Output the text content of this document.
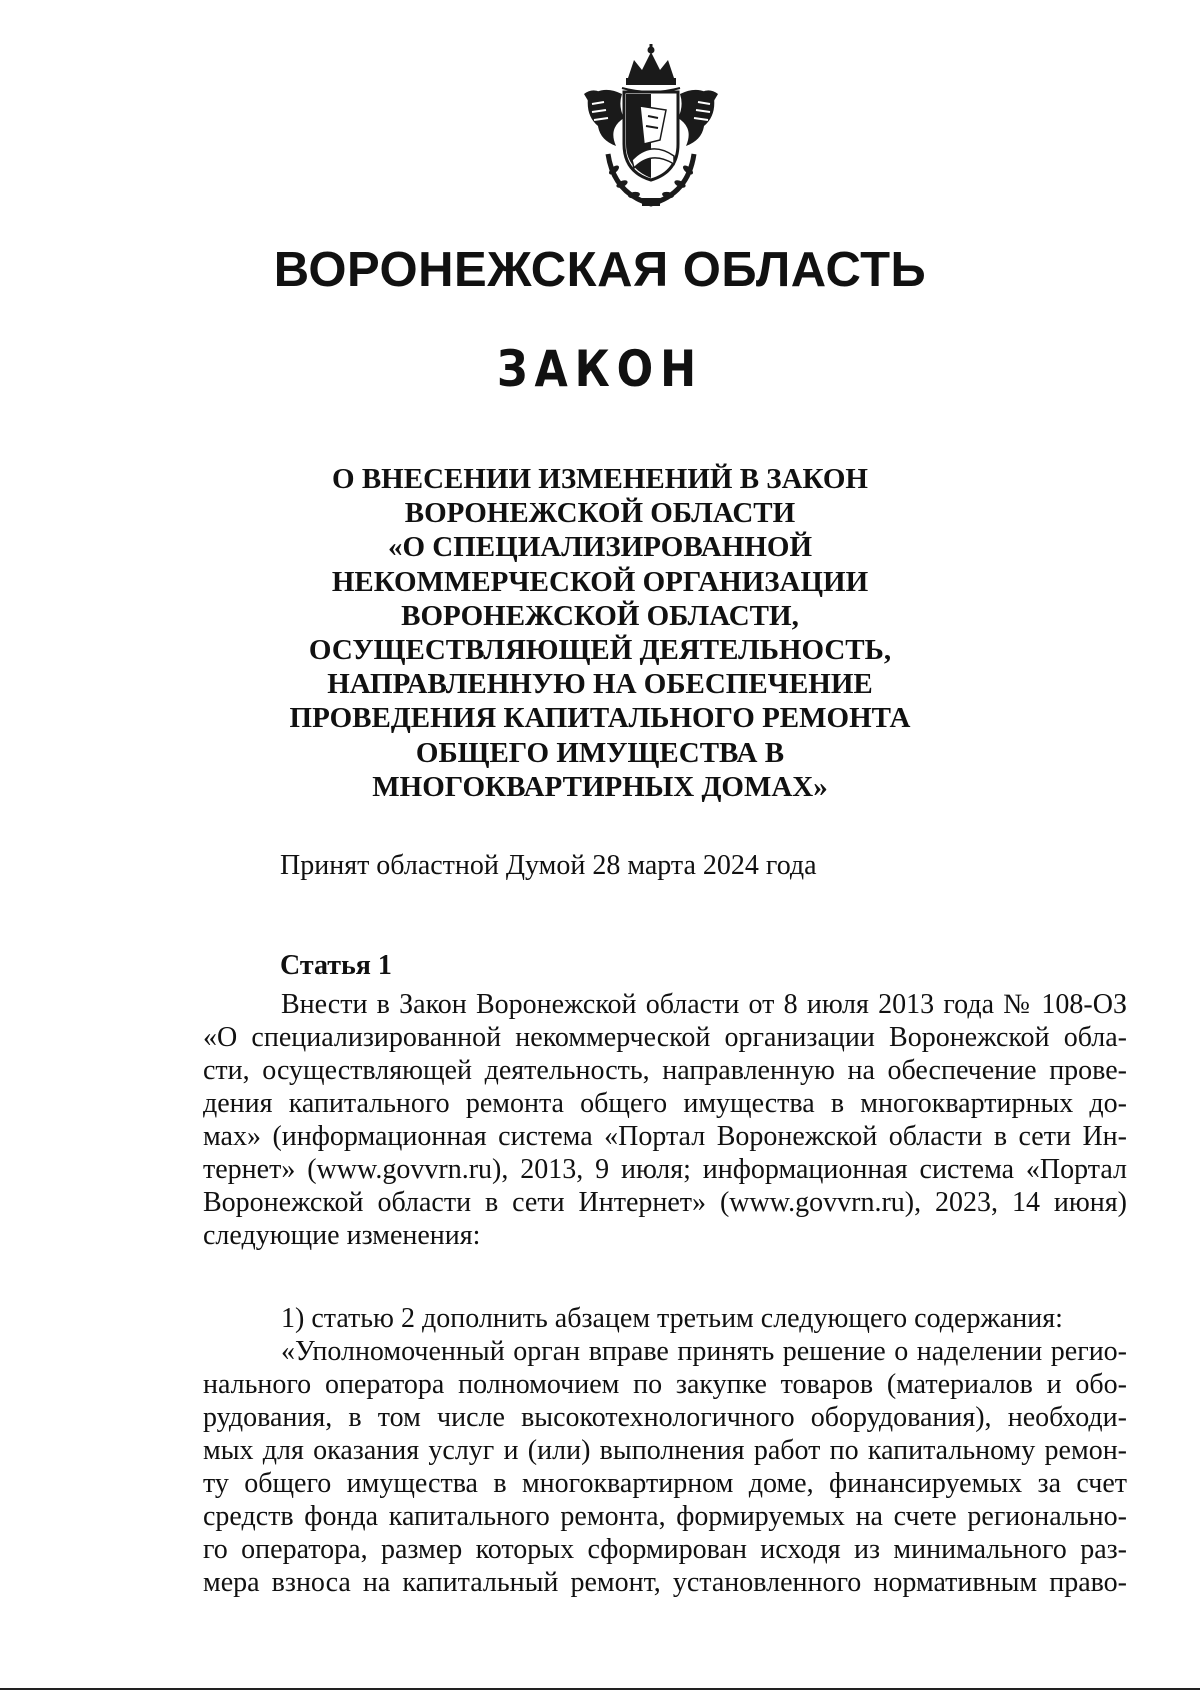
ВОРОНЕЖСКАЯ ОБЛАСТЬ
ЗАКОН
О ВНЕСЕНИИ ИЗМЕНЕНИЙ В ЗАКОН
ВОРОНЕЖСКОЙ ОБЛАСТИ
«О СПЕЦИАЛИЗИРОВАННОЙ
НЕКОММЕРЧЕСКОЙ ОРГАНИЗАЦИИ
ВОРОНЕЖСКОЙ ОБЛАСТИ,
ОСУЩЕСТВЛЯЮЩЕЙ ДЕЯТЕЛЬНОСТЬ,
НАПРАВЛЕННУЮ НА ОБЕСПЕЧЕНИЕ
ПРОВЕДЕНИЯ КАПИТАЛЬНОГО РЕМОНТА
ОБЩЕГО ИМУЩЕСТВА В
МНОГОКВАРТИРНЫХ ДОМАХ»

Принят областной Думой 28 марта 2024 года

Статья 1

Внести в Закон Воронежской области от 8 июля 2013 года № 108-ОЗ
«О специализированной некоммерческой организации Воронежской обла-
сти, осуществляющей деятельность, направленную на обеспечение прове-
дения капитального ремонта общего имущества в многоквартирных до-
мах» (информационная система «Портал Воронежской области в сети Ин-
тернет» (www.govvrn.ru), 2013, 9 июля; информационная система «Портал
Воронежской области в сети Интернет» (www.govvrn.ru), 2023, 14 июня)
следующие изменения:
1) статью 2 дополнить абзацем третьим следующего содержания:
«Уполномоченный орган вправе принять решение о наделении регио-
нального оператора полномочием по закупке товаров (материалов и обо-
рудования, в том числе высокотехнологичного оборудования), необходи-
мых для оказания услуг и (или) выполнения работ по капитальному ремон-
ту общего имущества в многоквартирном доме, финансируемых за счет
средств фонда капитального ремонта, формируемых на счете регионально-
го оператора, размер которых сформирован исходя из минимального раз-
мера взноса на капитальный ремонт, установленного нормативным право-
